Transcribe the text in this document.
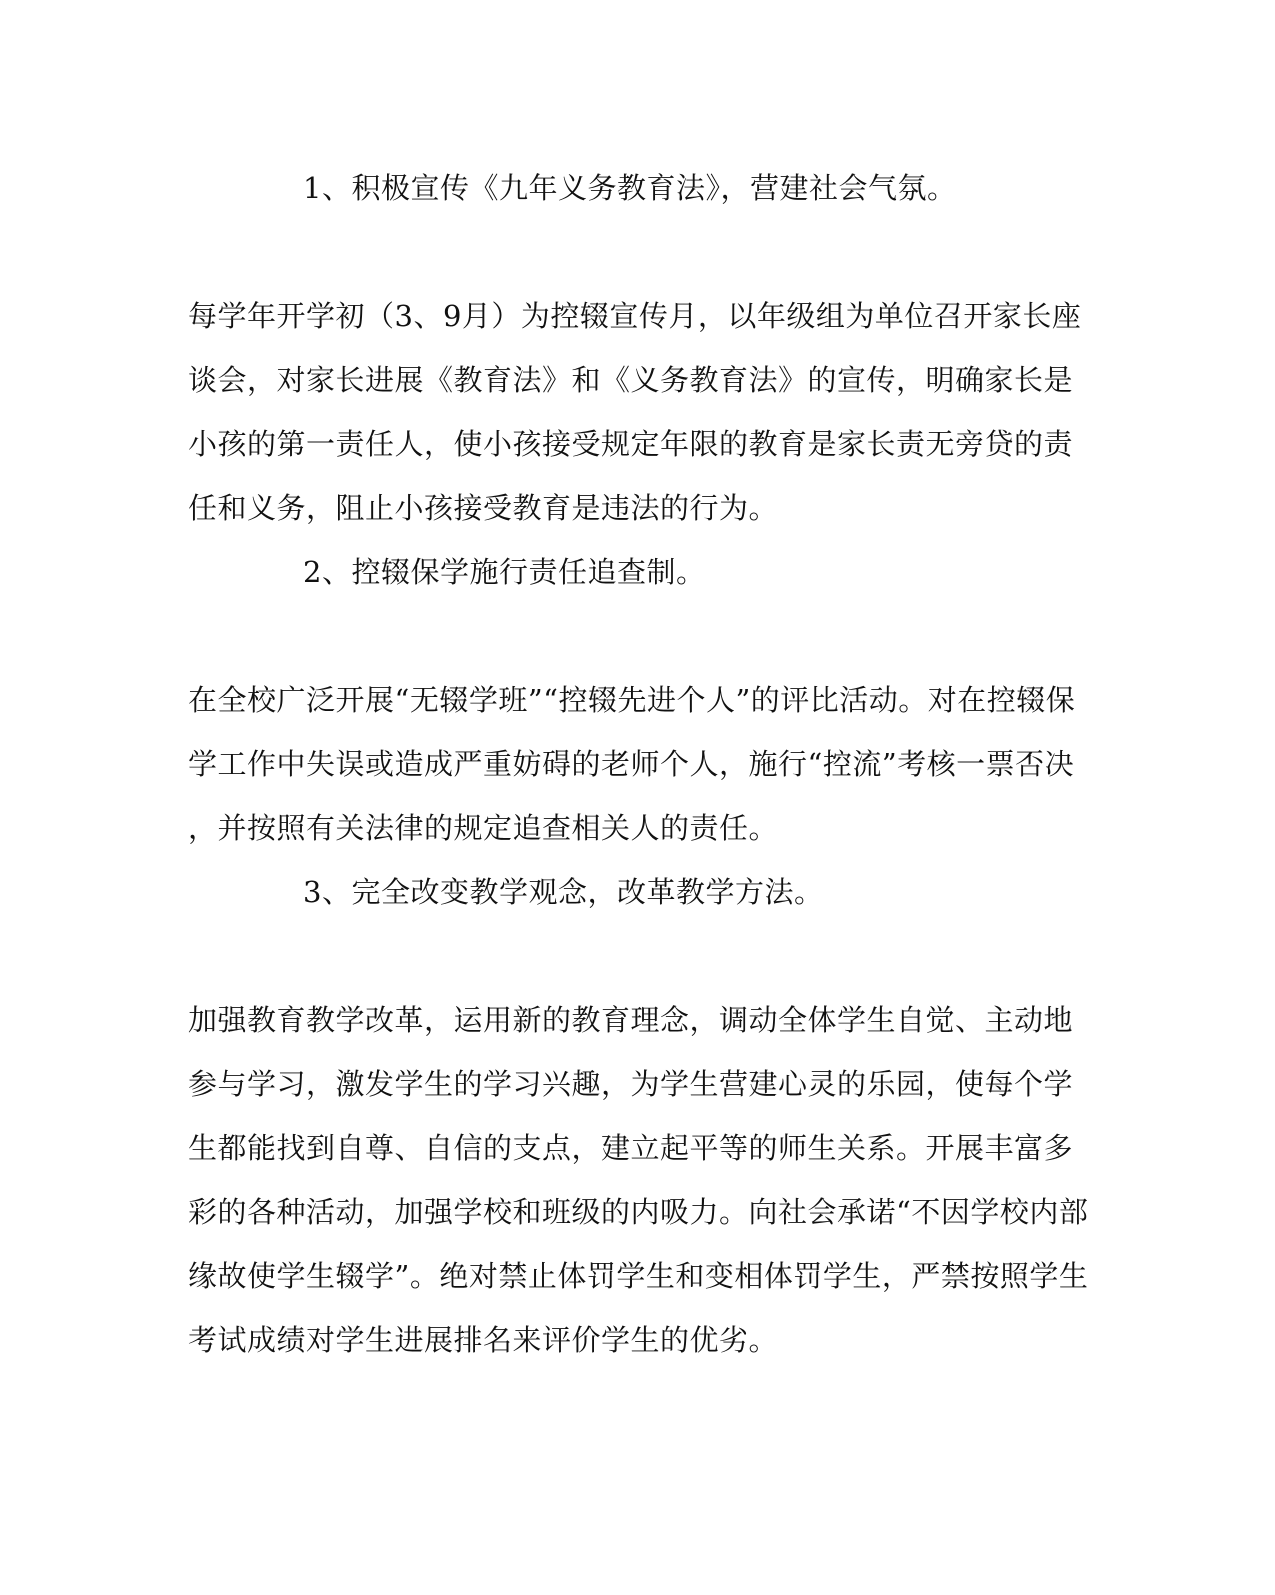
1、积极宣传《九年义务教育法》，营建社会气氛。
每学年开学初（3、9月）为控辍宣传月，以年级组为单位召开家长座
谈会，对家长进展《教育法》和《义务教育法》的宣传，明确家长是
小孩的第一责任人，使小孩接受规定年限的教育是家长责无旁贷的责
任和义务，阻止小孩接受教育是违法的行为。
2、控辍保学施行责任追查制。
在全校广泛开展“无辍学班”“控辍先进个人”的评比活动。对在控辍保
学工作中失误或造成严重妨碍的老师个人，施行“控流”考核一票否决
，并按照有关法律的规定追查相关人的责任。
3、完全改变教学观念，改革教学方法。
加强教育教学改革，运用新的教育理念，调动全体学生自觉、主动地
参与学习，激发学生的学习兴趣，为学生营建心灵的乐园，使每个学
生都能找到自尊、自信的支点，建立起平等的师生关系。开展丰富多
彩的各种活动，加强学校和班级的内吸力。向社会承诺“不因学校内部
缘故使学生辍学”。绝对禁止体罚学生和变相体罚学生，严禁按照学生
考试成绩对学生进展排名来评价学生的优劣。
